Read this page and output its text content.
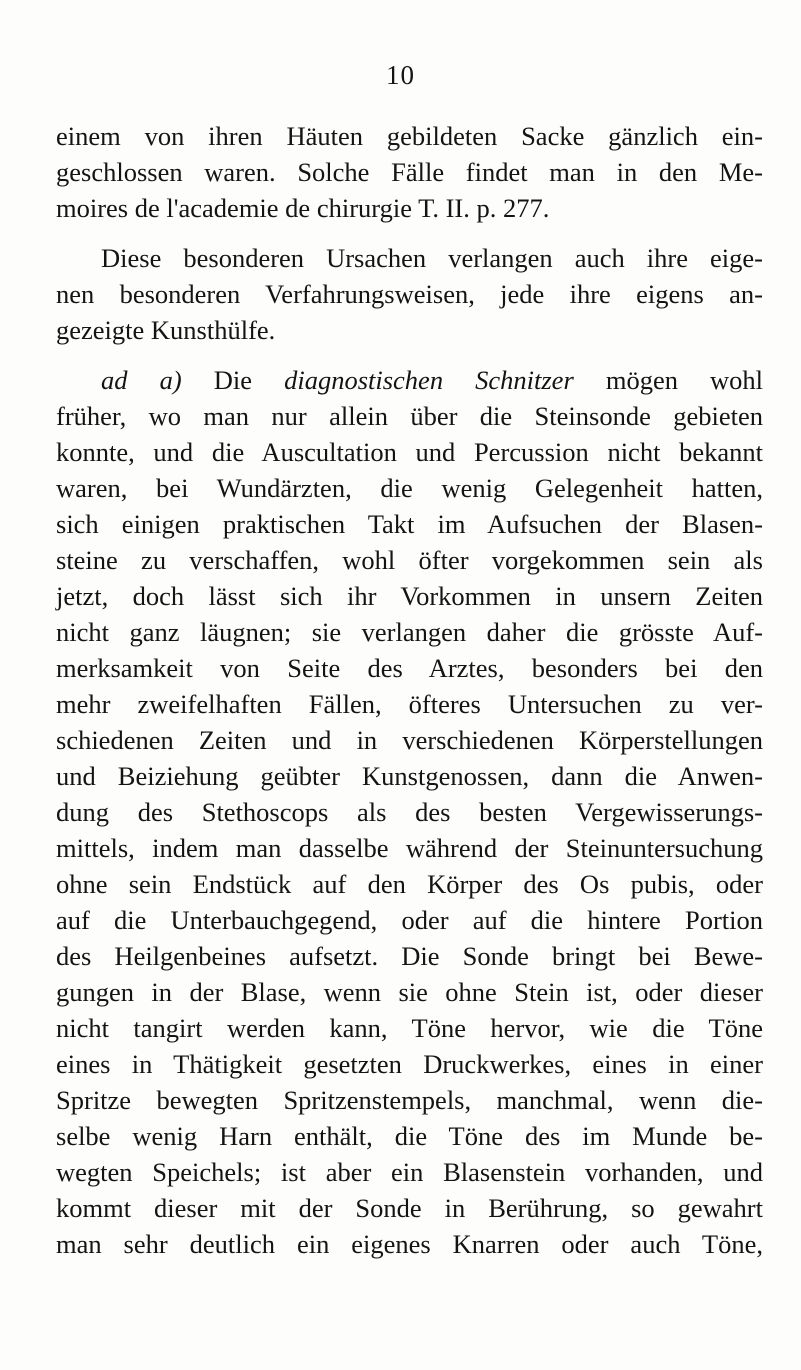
10
einem von ihren Häuten gebildeten Sacke gänzlich ein-
geschlossen waren. Solche Fälle findet man in den Me-
moires de l'academie de chirurgie T. II. p. 277.
Diese besonderen Ursachen verlangen auch ihre eige-
nen besonderen Verfahrungsweisen, jede ihre eigens an-
gezeigte Kunsthülfe.
ad a) Die diagnostischen Schnitzer mögen wohl
früher, wo man nur allein über die Steinsonde gebieten
konnte, und die Auscultation und Percussion nicht bekannt
waren, bei Wundärzten, die wenig Gelegenheit hatten,
sich einigen praktischen Takt im Aufsuchen der Blasen-
steine zu verschaffen, wohl öfter vorgekommen sein als
jetzt, doch lässt sich ihr Vorkommen in unsern Zeiten
nicht ganz läugnen; sie verlangen daher die grösste Auf-
merksamkeit von Seite des Arztes, besonders bei den
mehr zweifelhaften Fällen, öfteres Untersuchen zu ver-
schiedenen Zeiten und in verschiedenen Körperstellungen
und Beiziehung geübter Kunstgenossen, dann die Anwen-
dung des Stethoscops als des besten Vergewisserungs-
mittels, indem man dasselbe während der Steinuntersuchung
ohne sein Endstück auf den Körper des Os pubis, oder
auf die Unterbauchgegend, oder auf die hintere Portion
des Heilgenbeines aufsetzt. Die Sonde bringt bei Bewe-
gungen in der Blase, wenn sie ohne Stein ist, oder dieser
nicht tangirt werden kann, Töne hervor, wie die Töne
eines in Thätigkeit gesetzten Druckwerkes, eines in einer
Spritze bewegten Spritzenstempels, manchmal, wenn die-
selbe wenig Harn enthält, die Töne des im Munde be-
wegten Speichels; ist aber ein Blasenstein vorhanden, und
kommt dieser mit der Sonde in Berührung, so gewahrt
man sehr deutlich ein eigenes Knarren oder auch Töne,
